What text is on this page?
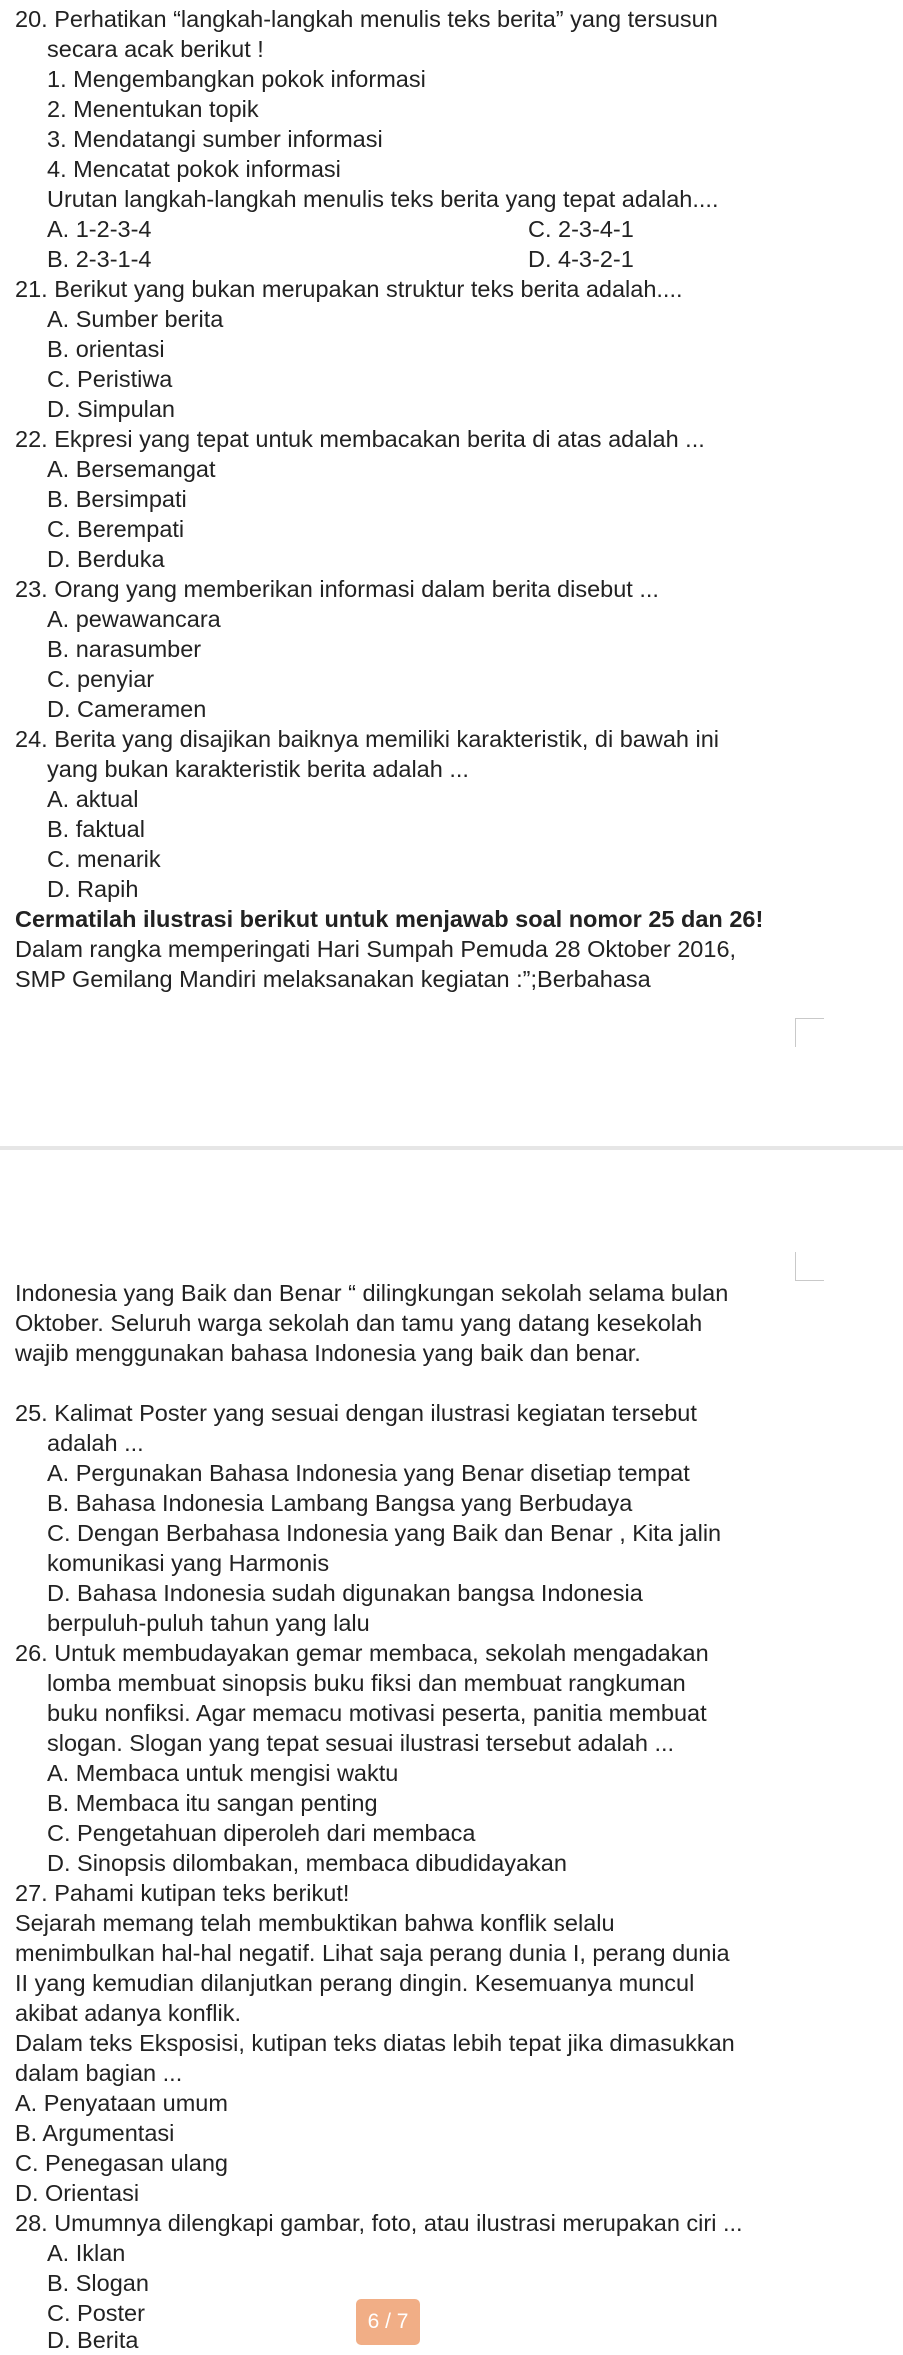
20. Perhatikan “langkah-langkah menulis teks berita” yang tersusun
secara acak berikut !
1. Mengembangkan pokok informasi
2. Menentukan topik
3. Mendatangi sumber informasi
4. Mencatat pokok informasi
Urutan langkah-langkah menulis teks berita yang tepat adalah....
A. 1-2-3-4	C. 2-3-4-1
B. 2-3-1-4	D. 4-3-2-1
21. Berikut yang bukan merupakan struktur teks berita adalah....
A. Sumber berita
B. orientasi
C. Peristiwa
D. Simpulan
22. Ekpresi yang tepat untuk membacakan berita di atas adalah ...
A. Bersemangat
B. Bersimpati
C. Berempati
D. Berduka
23. Orang yang memberikan informasi dalam berita disebut ...
A. pewawancara
B. narasumber
C. penyiar
D. Cameramen
24. Berita yang disajikan baiknya memiliki karakteristik, di bawah ini
yang bukan karakteristik berita adalah ...
A. aktual
B. faktual
C. menarik
D. Rapih
Cermatilah ilustrasi berikut untuk menjawab soal nomor 25 dan 26!
Dalam rangka memperingati Hari Sumpah Pemuda 28 Oktober 2016,
SMP Gemilang Mandiri melaksanakan kegiatan :”;Berbahasa
Indonesia yang Baik dan Benar “ dilingkungan sekolah selama bulan
Oktober. Seluruh warga sekolah dan tamu yang datang kesekolah
wajib menggunakan bahasa Indonesia yang baik dan benar.
25. Kalimat Poster yang sesuai dengan ilustrasi kegiatan tersebut
adalah ...
A. Pergunakan Bahasa Indonesia yang Benar disetiap tempat
B. Bahasa Indonesia Lambang Bangsa yang Berbudaya
C. Dengan Berbahasa Indonesia yang Baik dan Benar , Kita jalin
komunikasi yang Harmonis
D. Bahasa Indonesia sudah digunakan bangsa Indonesia
berpuluh-puluh tahun yang lalu
26. Untuk membudayakan gemar membaca, sekolah mengadakan
lomba membuat sinopsis buku fiksi dan membuat rangkuman
buku nonfiksi. Agar memacu motivasi peserta, panitia membuat
slogan. Slogan yang tepat sesuai ilustrasi tersebut adalah ...
A. Membaca untuk mengisi waktu
B. Membaca itu sangan penting
C. Pengetahuan diperoleh dari membaca
D. Sinopsis dilombakan, membaca dibudidayakan
27. Pahami kutipan teks berikut!
Sejarah memang telah membuktikan bahwa konflik selalu
menimbulkan hal-hal negatif. Lihat saja perang dunia I, perang dunia
II yang kemudian dilanjutkan perang dingin. Kesemuanya muncul
akibat adanya konflik.
Dalam teks Eksposisi, kutipan teks diatas lebih tepat jika dimasukkan
dalam bagian ...
A. Penyataan umum
B. Argumentasi
C. Penegasan ulang
D. Orientasi
28. Umumnya dilengkapi gambar, foto, atau ilustrasi merupakan ciri ...
A. Iklan
B. Slogan
C. Poster
D. Berita
6 / 7
